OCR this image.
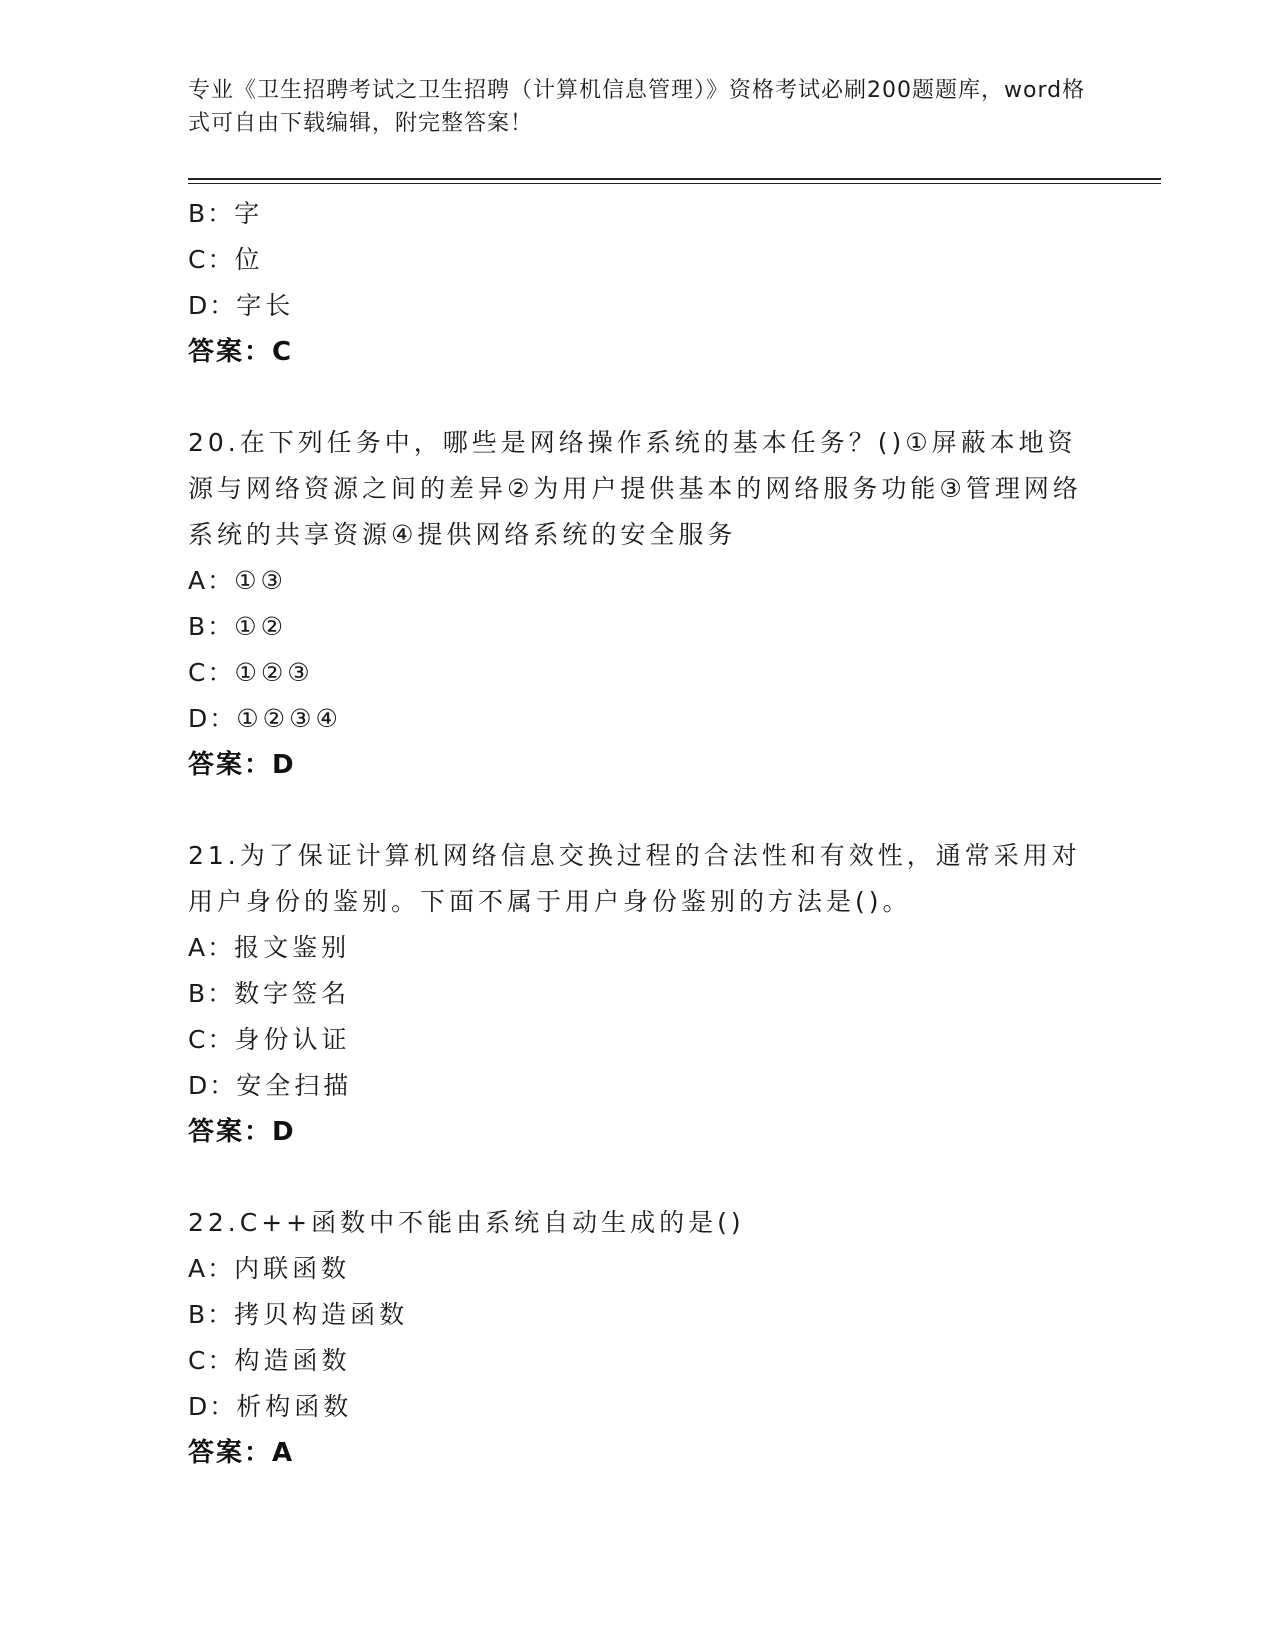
专业《卫生招聘考试之卫生招聘（计算机信息管理）》资格考试必刷200题题库，word格式可自由下载编辑，附完整答案！
B：字
C：位
D：字长
答案：C
20.在下列任务中，哪些是网络操作系统的基本任务？()①屏蔽本地资源与网络资源之间的差异②为用户提供基本的网络服务功能③管理网络系统的共享资源④提供网络系统的安全服务
A：①③
B：①②
C：①②③
D：①②③④
答案：D
21.为了保证计算机网络信息交换过程的合法性和有效性，通常采用对用户身份的鉴别。下面不属于用户身份鉴别的方法是()。
A：报文鉴别
B：数字签名
C：身份认证
D：安全扫描
答案：D
22.C++函数中不能由系统自动生成的是()
A：内联函数
B：拷贝构造函数
C：构造函数
D：析构函数
答案：A
